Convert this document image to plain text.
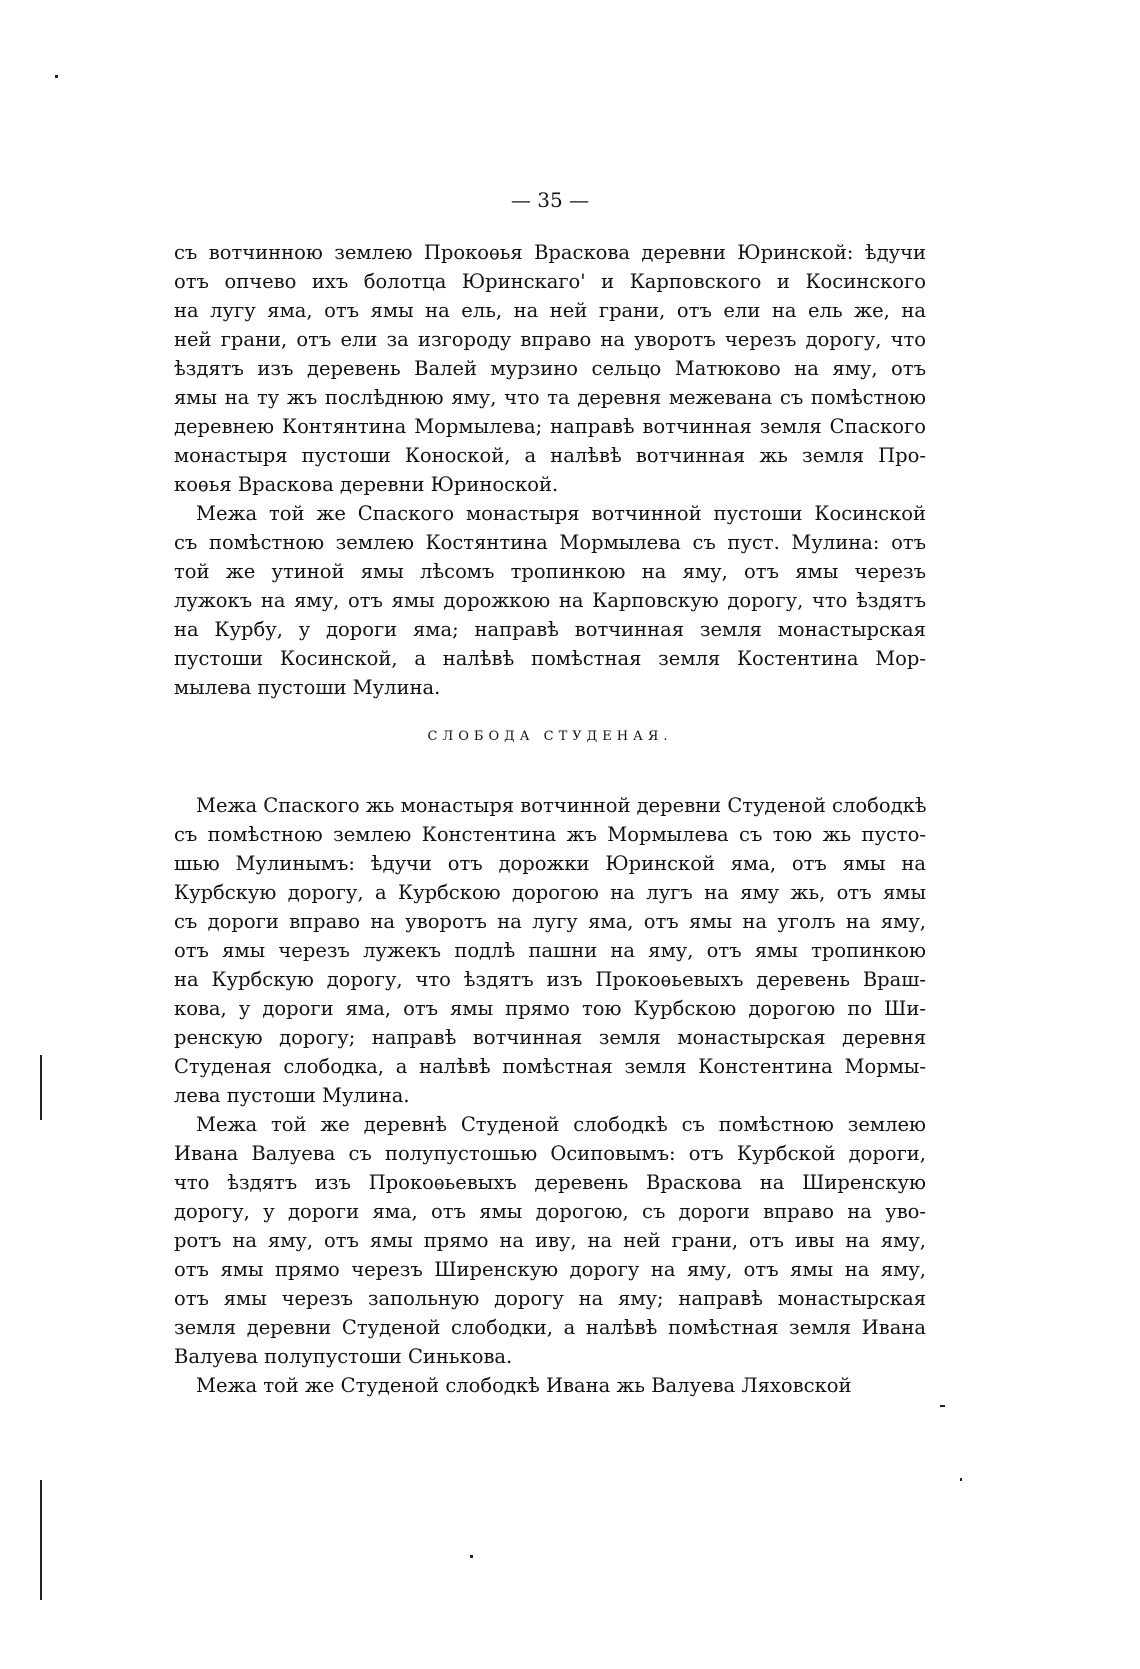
— 35 —
съ вотчинною землею Прокоѳья Враскова деревни Юринской: ѣдучи
отъ опчево ихъ болотца Юринскаго' и Карповского и Косинского
на лугу яма, отъ ямы на ель, на ней грани, отъ ели на ель же, на
ней грани, отъ ели за изгороду вправо на уворотъ черезъ дорогу, что
ѣздятъ изъ деревень Валей мурзино сельцо Матюково на яму, отъ
ямы на ту жъ послѣднюю яму, что та деревня межевана съ помѣстною
деревнею Контянтина Мормылева; направѣ вотчинная земля Спаского
монастыря пустоши Коноской, а налѣвѣ вотчинная жь земля Про-
коѳья Враскова деревни Юриноской.
Межа той же Спаского монастыря вотчинной пустоши Косинской
съ помѣстною землею Костянтина Мормылева съ пуст. Мулина: отъ
той же утиной ямы лѣсомъ тропинкою на яму, отъ ямы черезъ
лужокъ на яму, отъ ямы дорожкою на Карповскую дорогу, что ѣздятъ
на Курбу, у дороги яма; направѣ вотчинная земля монастырская
пустоши Косинской, а налѣвѣ помѣстная земля Костентина Мор-
мылева пустоши Мулина.
СЛОБОДА СТУДЕНАЯ.
Межа Спаского жь монастыря вотчинной деревни Студеной слободкѣ
съ помѣстною землею Констентина жъ Мормылева съ тою жь пусто-
шью Мулинымъ: ѣдучи отъ дорожки Юринской яма, отъ ямы на
Курбскую дорогу, а Курбскою дорогою на лугъ на яму жь, отъ ямы
съ дороги вправо на уворотъ на лугу яма, отъ ямы на уголъ на яму,
отъ ямы черезъ лужекъ подлѣ пашни на яму, отъ ямы тропинкою
на Курбскую дорогу, что ѣздятъ изъ Прокоѳьевыхъ деревень Враш-
кова, у дороги яма, отъ ямы прямо тою Курбскою дорогою по Ши-
ренскую дорогу; направѣ вотчинная земля монастырская деревня
Студеная слободка, а налѣвѣ помѣстная земля Констентина Мормы-
лева пустоши Мулина.
Межа той же деревнѣ Студеной слободкѣ съ помѣстною землею
Ивана Валуева съ полупустошью Осиповымъ: отъ Курбской дороги,
что ѣздятъ изъ Прокоѳьевыхъ деревень Враскова на Ширенскую
дорогу, у дороги яма, отъ ямы дорогою, съ дороги вправо на уво-
ротъ на яму, отъ ямы прямо на иву, на ней грани, отъ ивы на яму,
отъ ямы прямо черезъ Ширенскую дорогу на яму, отъ ямы на яму,
отъ ямы черезъ запольную дорогу на яму; направѣ монастырская
земля деревни Студеной слободки, а налѣвѣ помѣстная земля Ивана
Валуева полупустоши Синькова.
Межа той же Студеной слободкѣ Ивана жь Валуева Ляховской
